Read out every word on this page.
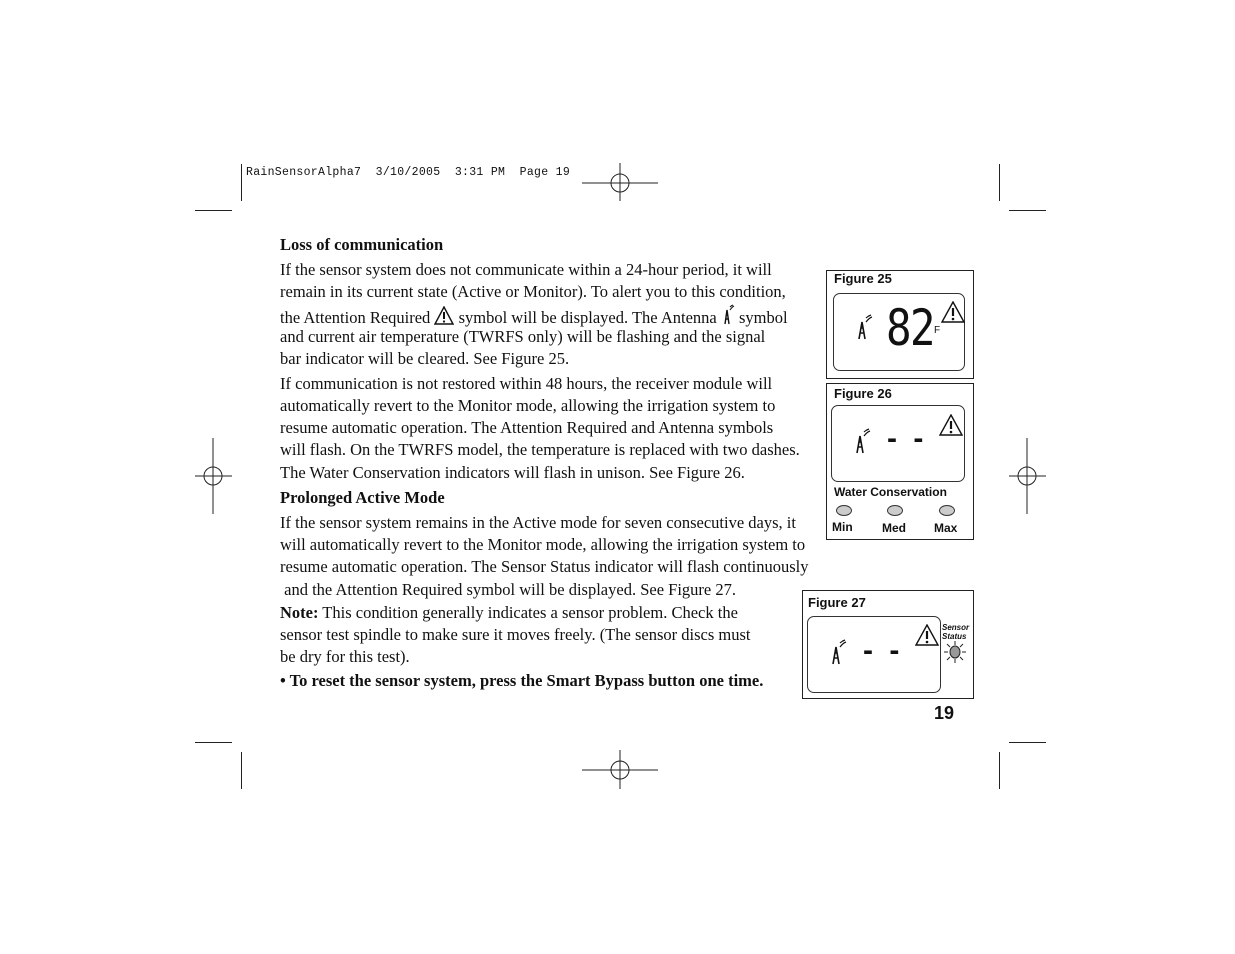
RainSensorAlpha7  3/10/2005  3:31 PM  Page 19
Loss of communication
If the sensor system does not communicate within a 24-hour period, it will
remain in its current state (Active or Monitor). To alert you to this condition,
the Attention Required  symbol will be displayed. The Antenna  symbol
and current air temperature (TWRFS only) will be flashing and the signal
bar indicator will be cleared. See Figure 25.
If communication is not restored within 48 hours, the receiver module will
automatically revert to the Monitor mode, allowing the irrigation system to
resume automatic operation. The Attention Required and Antenna symbols
will flash. On the TWRFS model, the temperature is replaced with two dashes.
The Water Conservation indicators will flash in unison. See Figure 26.
Prolonged Active Mode
If the sensor system remains in the Active mode for seven consecutive days, it
will automatically revert to the Monitor mode, allowing the irrigation system to
resume automatic operation. The Sensor Status indicator will flash continuously
and the Attention Required symbol will be displayed. See Figure 27.
Note: This condition generally indicates a sensor problem. Check the
sensor test spindle to make sure it moves freely. (The sensor discs must
be dry for this test).
• To reset the sensor system, press the Smart Bypass button one time.
Figure 25
82 F
Figure 26
- -
Water Conservation
Min Med Max
Figure 27
- -
Sensor
Status
19
